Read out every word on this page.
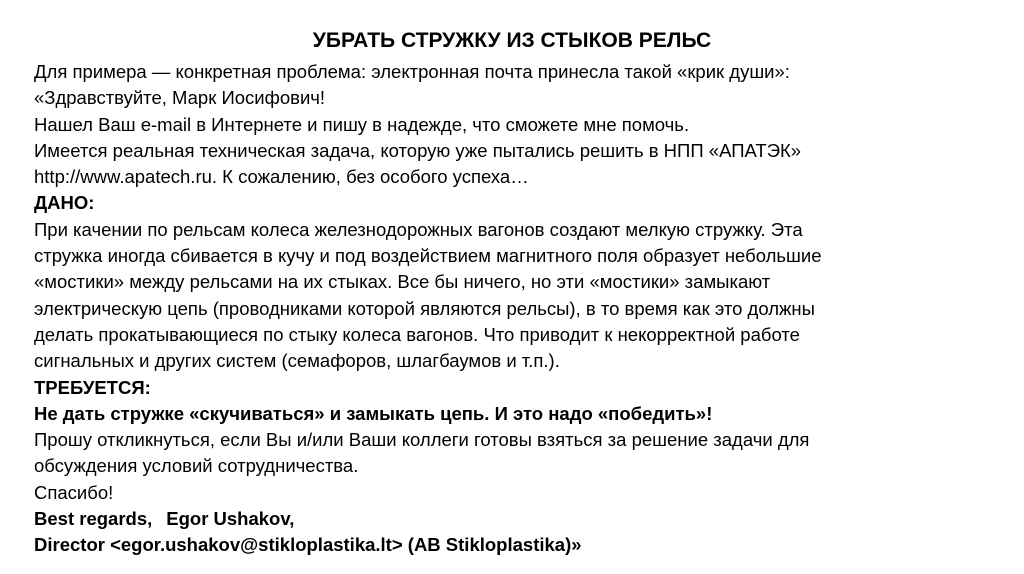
УБРАТЬ СТРУЖКУ ИЗ СТЫКОВ РЕЛЬС
Для примера — конкретная проблема: электронная почта принесла такой «крик души»:
«Здравствуйте, Марк Иосифович!
Нашел Ваш e-mail в Интернете и пишу в надежде, что сможете мне помочь.
Имеется реальная техническая задача, которую уже пытались решить в НПП «АПАТЭК»
http://www.apatech.ru. К сожалению, без особого успеха…
ДАНО:
При качении по рельсам колеса железнодорожных вагонов создают мелкую стружку. Эта
стружка иногда сбивается в кучу и под воздействием магнитного поля образует небольшие
«мостики» между рельсами на их стыках. Все бы ничего, но эти «мостики» замыкают
электрическую цепь (проводниками которой являются рельсы), в то время как это должны
делать прокатывающиеся по стыку колеса вагонов. Что приводит к некорректной работе
сигнальных и других систем (семафоров, шлагбаумов и т.п.).
ТРЕБУЕТСЯ:
Не дать стружке «скучиваться» и замыкать цепь. И это надо «победить»!
Прошу откликнуться, если Вы и/или Ваши коллеги готовы взяться за решение задачи для
обсуждения условий сотрудничества.
Спасибо!
Best regards, Egor Ushakov,
Director <egor.ushakov@stikloplastika.lt> (AB Stikloplastika)»
